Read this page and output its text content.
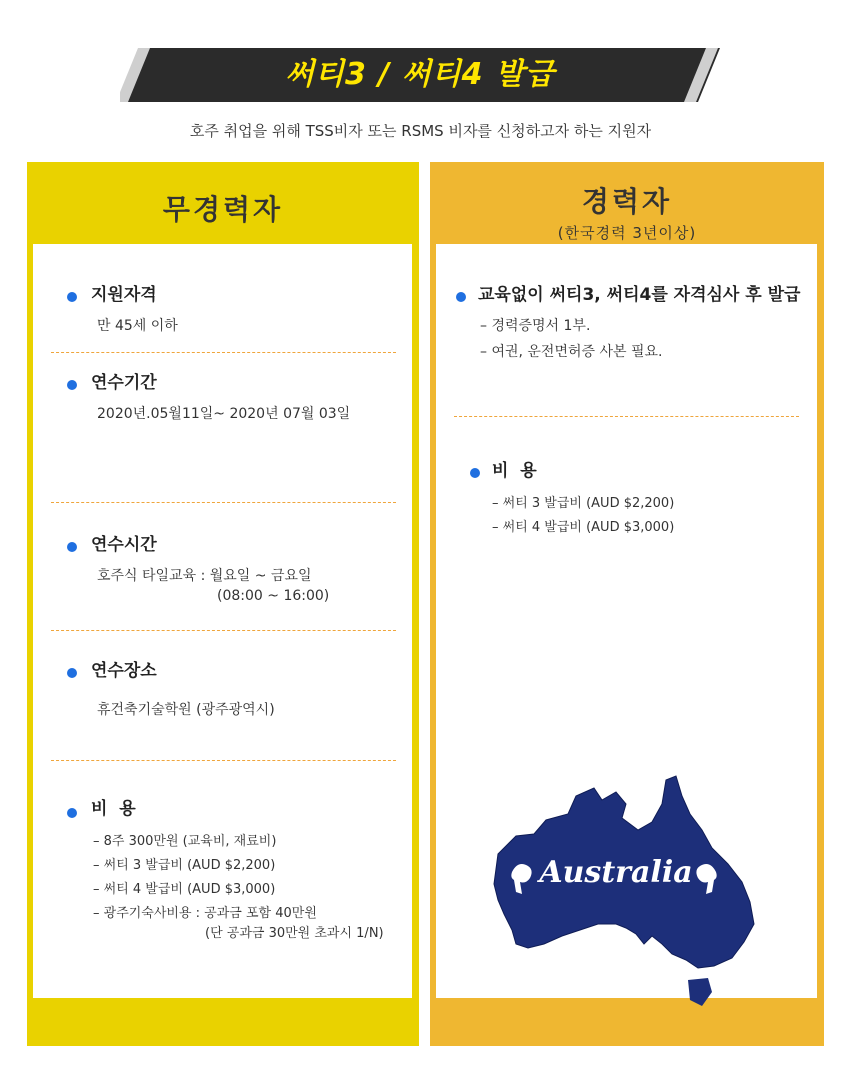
써티3 / 써티4 발급
호주 취업을 위해 TSS비자 또는 RSMS 비자를 신청하고자 하는 지원자
무경력자
지원자격
만 45세 이하
연수기간
2020년.05월11일~ 2020년 07월 03일
연수시간
호주식 타일교육 : 월요일 ~ 금요일
(08:00 ~ 16:00)
연수장소
휴건축기술학원 (광주광역시)
비  용
– 8주 300만원 (교육비, 재료비)
– 써티 3 발급비 (AUD $2,200)
– 써티 4 발급비 (AUD $3,000)
– 광주기숙사비용 : 공과금 포함 40만원
(단 공과금 30만원 초과시 1/N)
경력자
(한국경력 3년이상)
교육없이 써티3, 써티4를 자격심사 후 발급
– 경력증명서 1부.
– 여권, 운전면허증 사본 필요.
비  용
– 써티 3 발급비 (AUD $2,200)
– 써티 4 발급비 (AUD $3,000)
Australia
